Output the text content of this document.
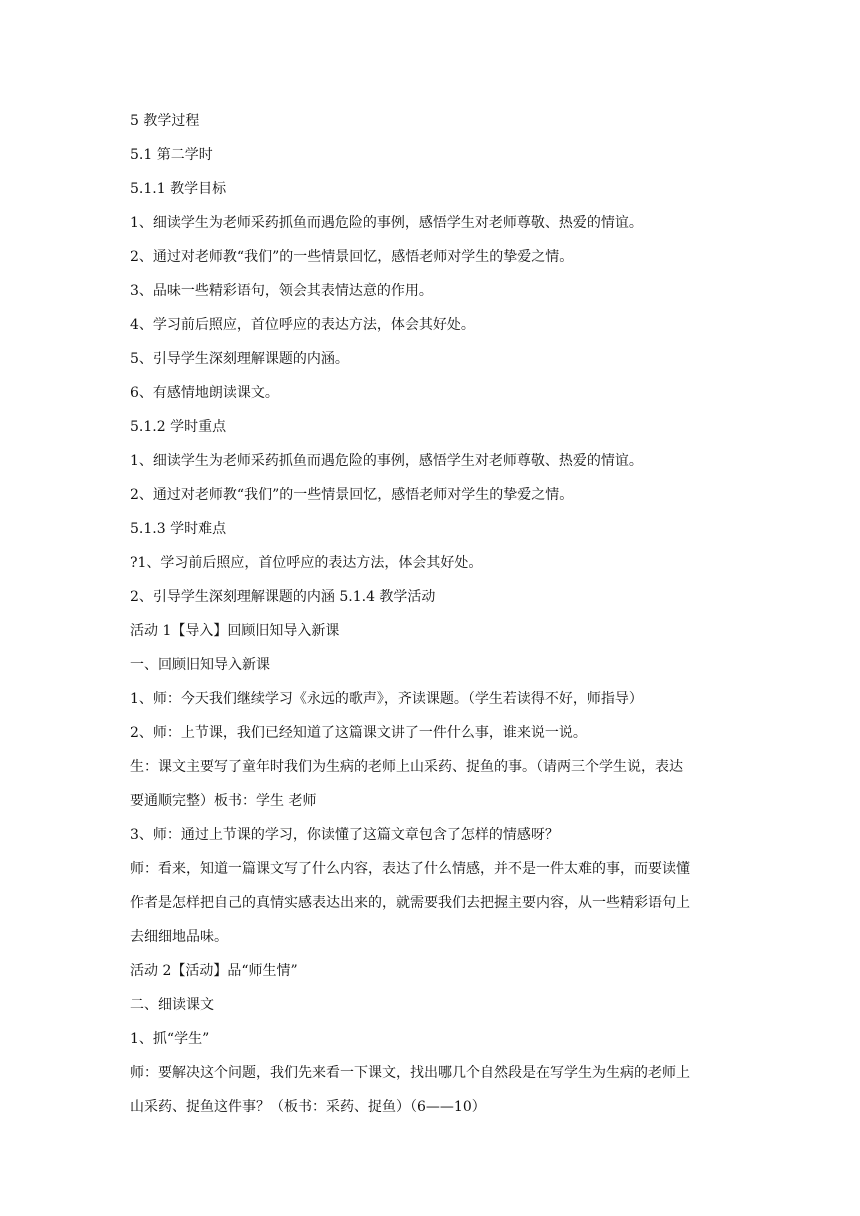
5 教学过程

5.1 第二学时

5.1.1 教学目标

1、细读学生为老师采药抓鱼而遇危险的事例，感悟学生对老师尊敬、热爱的情谊。

2、通过对老师教“我们”的一些情景回忆，感悟老师对学生的挚爱之情。

3、品味一些精彩语句，领会其表情达意的作用。

4、学习前后照应，首位呼应的表达方法，体会其好处。

5、引导学生深刻理解课题的内涵。

6、有感情地朗读课文。

5.1.2 学时重点

1、细读学生为老师采药抓鱼而遇危险的事例，感悟学生对老师尊敬、热爱的情谊。

2、通过对老师教“我们”的一些情景回忆，感悟老师对学生的挚爱之情。

5.1.3 学时难点

?1、学习前后照应，首位呼应的表达方法，体会其好处。

2、引导学生深刻理解课题的内涵 5.1.4 教学活动

活动 1【导入】回顾旧知导入新课

一、回顾旧知导入新课

1、师：今天我们继续学习《永远的歌声》，齐读课题。（学生若读得不好，师指导）

2、师：上节课，我们已经知道了这篇课文讲了一件什么事，谁来说一说。

生：课文主要写了童年时我们为生病的老师上山采药、捉鱼的事。（请两三个学生说，表达

要通顺完整）板书：学生 老师

3、师：通过上节课的学习，你读懂了这篇文章包含了怎样的情感呀？

师：看来，知道一篇课文写了什么内容，表达了什么情感，并不是一件太难的事，而要读懂

作者是怎样把自己的真情实感表达出来的，就需要我们去把握主要内容，从一些精彩语句上

去细细地品味。

活动 2【活动】品“师生情”

二、细读课文

1、抓“学生”

师：要解决这个问题，我们先来看一下课文，找出哪几个自然段是在写学生为生病的老师上

山采药、捉鱼这件事？（板书：采药、捉鱼）（6——10）
